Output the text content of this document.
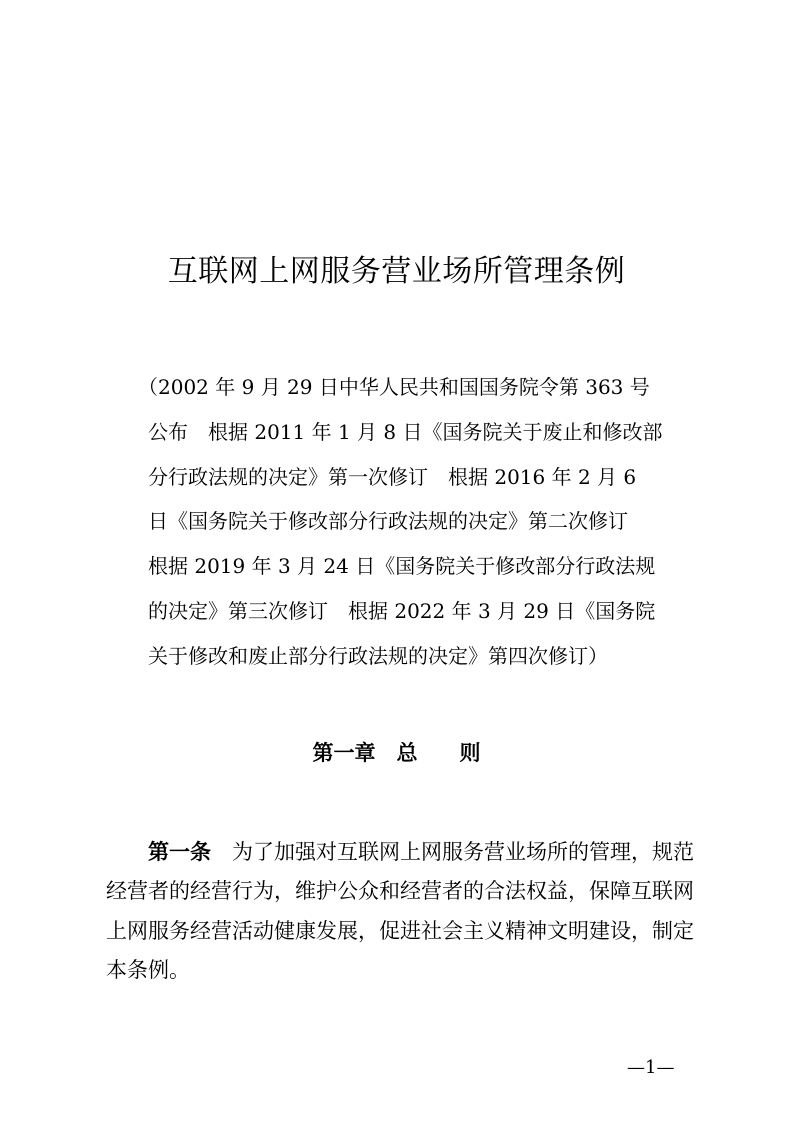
互联网上网服务营业场所管理条例
（2002 年 9 月 29 日中华人民共和国国务院令第 363 号
公布　根据 2011 年 1 月 8 日《国务院关于废止和修改部
分行政法规的决定》第一次修订　根据 2016 年 2 月 6
日《国务院关于修改部分行政法规的决定》第二次修订
根据 2019 年 3 月 24 日《国务院关于修改部分行政法规
的决定》第三次修订　根据 2022 年 3 月 29 日《国务院
关于修改和废止部分行政法规的决定》第四次修订）
第一章　总　　则
第一条 为了加强对互联网上网服务营业场所的管理，规范
经营者的经营行为，维护公众和经营者的合法权益，保障互联网
上网服务经营活动健康发展，促进社会主义精神文明建设，制定
本条例。
—1—
